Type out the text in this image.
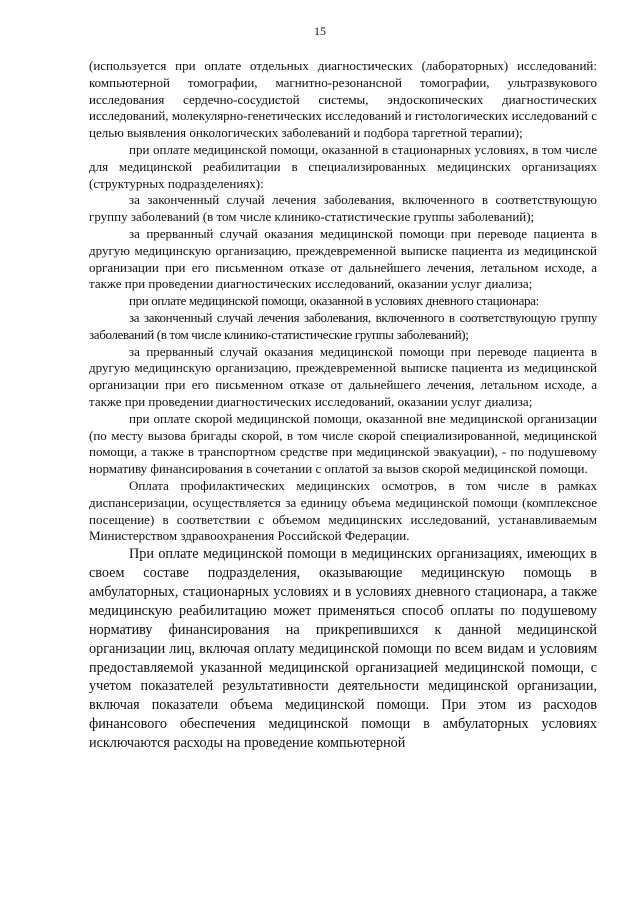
15

(используется при оплате отдельных диагностических (лабораторных) исследований: компьютерной томографии, магнитно-резонансной томографии, ультразвукового исследования сердечно-сосудистой системы, эндоскопических диагностических исследований, молекулярно-генетических исследований и гистологических исследований с целью выявления онкологических заболеваний и подбора таргетной терапии);

при оплате медицинской помощи, оказанной в стационарных условиях, в том числе для медицинской реабилитации в специализированных медицинских организациях (структурных подразделениях):

за законченный случай лечения заболевания, включенного в соответствующую группу заболеваний (в том числе клинико-статистические группы заболеваний);

за прерванный случай оказания медицинской помощи при переводе пациента в другую медицинскую организацию, преждевременной выписке пациента из медицинской организации при его письменном отказе от дальнейшего лечения, летальном исходе, а также при проведении диагностических исследований, оказании услуг диализа;

при оплате медицинской помощи, оказанной в условиях дневного стационара:

за законченный случай лечения заболевания, включенного в соответствующую группу заболеваний (в том числе клинико-статистические группы заболеваний);

за прерванный случай оказания медицинской помощи при переводе пациента в другую медицинскую организацию, преждевременной выписке пациента из медицинской организации при его письменном отказе от дальнейшего лечения, летальном исходе, а также при проведении диагностических исследований, оказании услуг диализа;

при оплате скорой медицинской помощи, оказанной вне медицинской организации (по месту вызова бригады скорой, в том числе скорой специализированной, медицинской помощи, а также в транспортном средстве при медицинской эвакуации), - по подушевому нормативу финансирования в сочетании с оплатой за вызов скорой медицинской помощи.

Оплата профилактических медицинских осмотров, в том числе в рамках диспансеризации, осуществляется за единицу объема медицинской помощи (комплексное посещение) в соответствии с объемом медицинских исследований, устанавливаемым Министерством здравоохранения Российской Федерации.

При оплате медицинской помощи в медицинских организациях, имеющих в своем составе подразделения, оказывающие медицинскую помощь в амбулаторных, стационарных условиях и в условиях дневного стационара, а также медицинскую реабилитацию может применяться способ оплаты по подушевому нормативу финансирования на прикрепившихся к данной медицинской организации лиц, включая оплату медицинской помощи по всем видам и условиям предоставляемой указанной медицинской организацией медицинской помощи, с учетом показателей результативности деятельности медицинской организации, включая показатели объема медицинской помощи. При этом из расходов финансового обеспечения медицинской помощи в амбулаторных условиях исключаются расходы на проведение компьютерной
